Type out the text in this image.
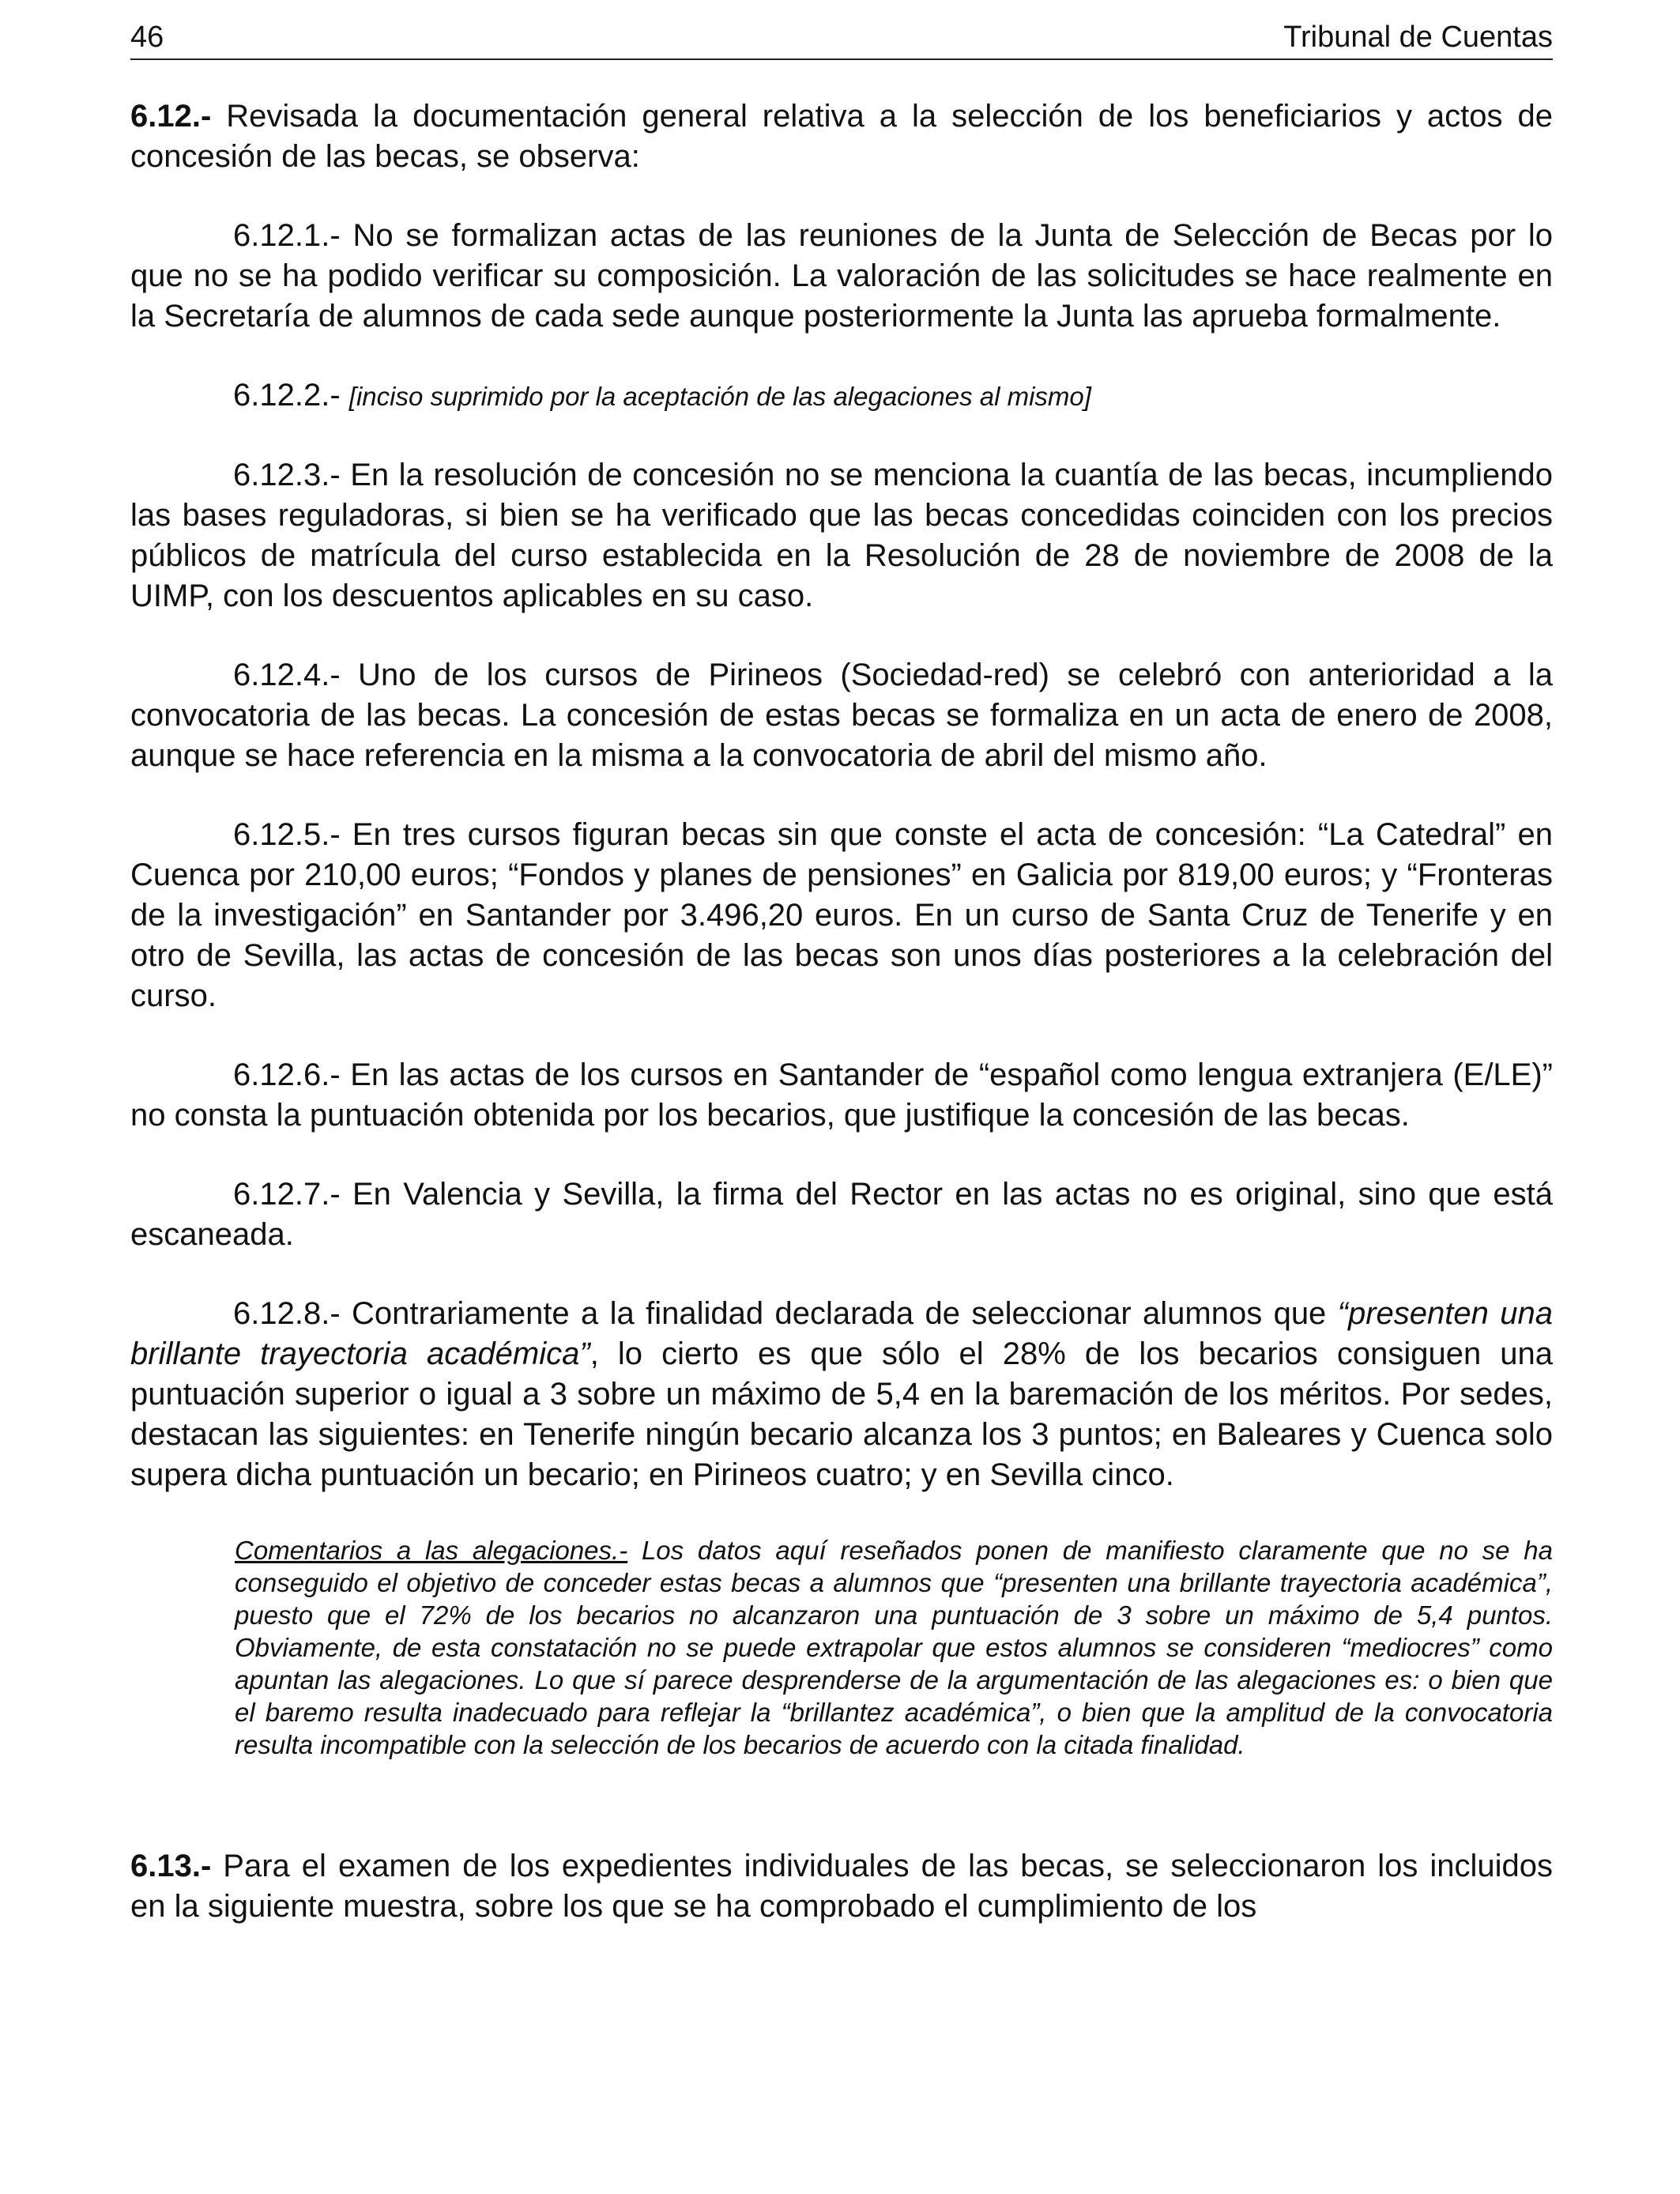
46	Tribunal de Cuentas

6.12.- Revisada la documentación general relativa a la selección de los beneficiarios y actos de concesión de las becas, se observa:

6.12.1.- No se formalizan actas de las reuniones de la Junta de Selección de Becas por lo que no se ha podido verificar su composición. La valoración de las solicitudes se hace realmente en la Secretaría de alumnos de cada sede aunque posteriormente la Junta las aprueba formalmente.

6.12.2.- [inciso suprimido por la aceptación de las alegaciones al mismo]

6.12.3.- En la resolución de concesión no se menciona la cuantía de las becas, incumpliendo las bases reguladoras, si bien se ha verificado que las becas concedidas coinciden con los precios públicos de matrícula del curso establecida en la Resolución de 28 de noviembre de 2008 de la UIMP, con los descuentos aplicables en su caso.

6.12.4.- Uno de los cursos de Pirineos (Sociedad-red) se celebró con anterioridad a la convocatoria de las becas. La concesión de estas becas se formaliza en un acta de enero de 2008, aunque se hace referencia en la misma a la convocatoria de abril del mismo año.

6.12.5.- En tres cursos figuran becas sin que conste el acta de concesión: “La Catedral” en Cuenca por 210,00 euros; “Fondos y planes de pensiones” en Galicia por 819,00 euros; y “Fronteras de la investigación” en Santander por 3.496,20 euros. En un curso de Santa Cruz de Tenerife y en otro de Sevilla, las actas de concesión de las becas son unos días posteriores a la celebración del curso.

6.12.6.- En las actas de los cursos en Santander de “español como lengua extranjera (E/LE)” no consta la puntuación obtenida por los becarios, que justifique la concesión de las becas.

6.12.7.- En Valencia y Sevilla, la firma del Rector en las actas no es original, sino que está escaneada.

6.12.8.- Contrariamente a la finalidad declarada de seleccionar alumnos que “presenten una brillante trayectoria académica”, lo cierto es que sólo el 28% de los becarios consiguen una puntuación superior o igual a 3 sobre un máximo de 5,4 en la baremación de los méritos. Por sedes, destacan las siguientes: en Tenerife ningún becario alcanza los 3 puntos; en Baleares y Cuenca solo supera dicha puntuación un becario; en Pirineos cuatro; y en Sevilla cinco.

Comentarios a las alegaciones.- Los datos aquí reseñados ponen de manifiesto claramente que no se ha conseguido el objetivo de conceder estas becas a alumnos que “presenten una brillante trayectoria académica”, puesto que el 72% de los becarios no alcanzaron una puntuación de 3 sobre un máximo de 5,4 puntos. Obviamente, de esta constatación no se puede extrapolar que estos alumnos se consideren “mediocres” como apuntan las alegaciones. Lo que sí parece desprenderse de la argumentación de las alegaciones es: o bien que el baremo resulta inadecuado para reflejar la “brillantez académica”, o bien que la amplitud de la convocatoria resulta incompatible con la selección de los becarios de acuerdo con la citada finalidad.

6.13.- Para el examen de los expedientes individuales de las becas, se seleccionaron los incluidos en la siguiente muestra, sobre los que se ha comprobado el cumplimiento de los
